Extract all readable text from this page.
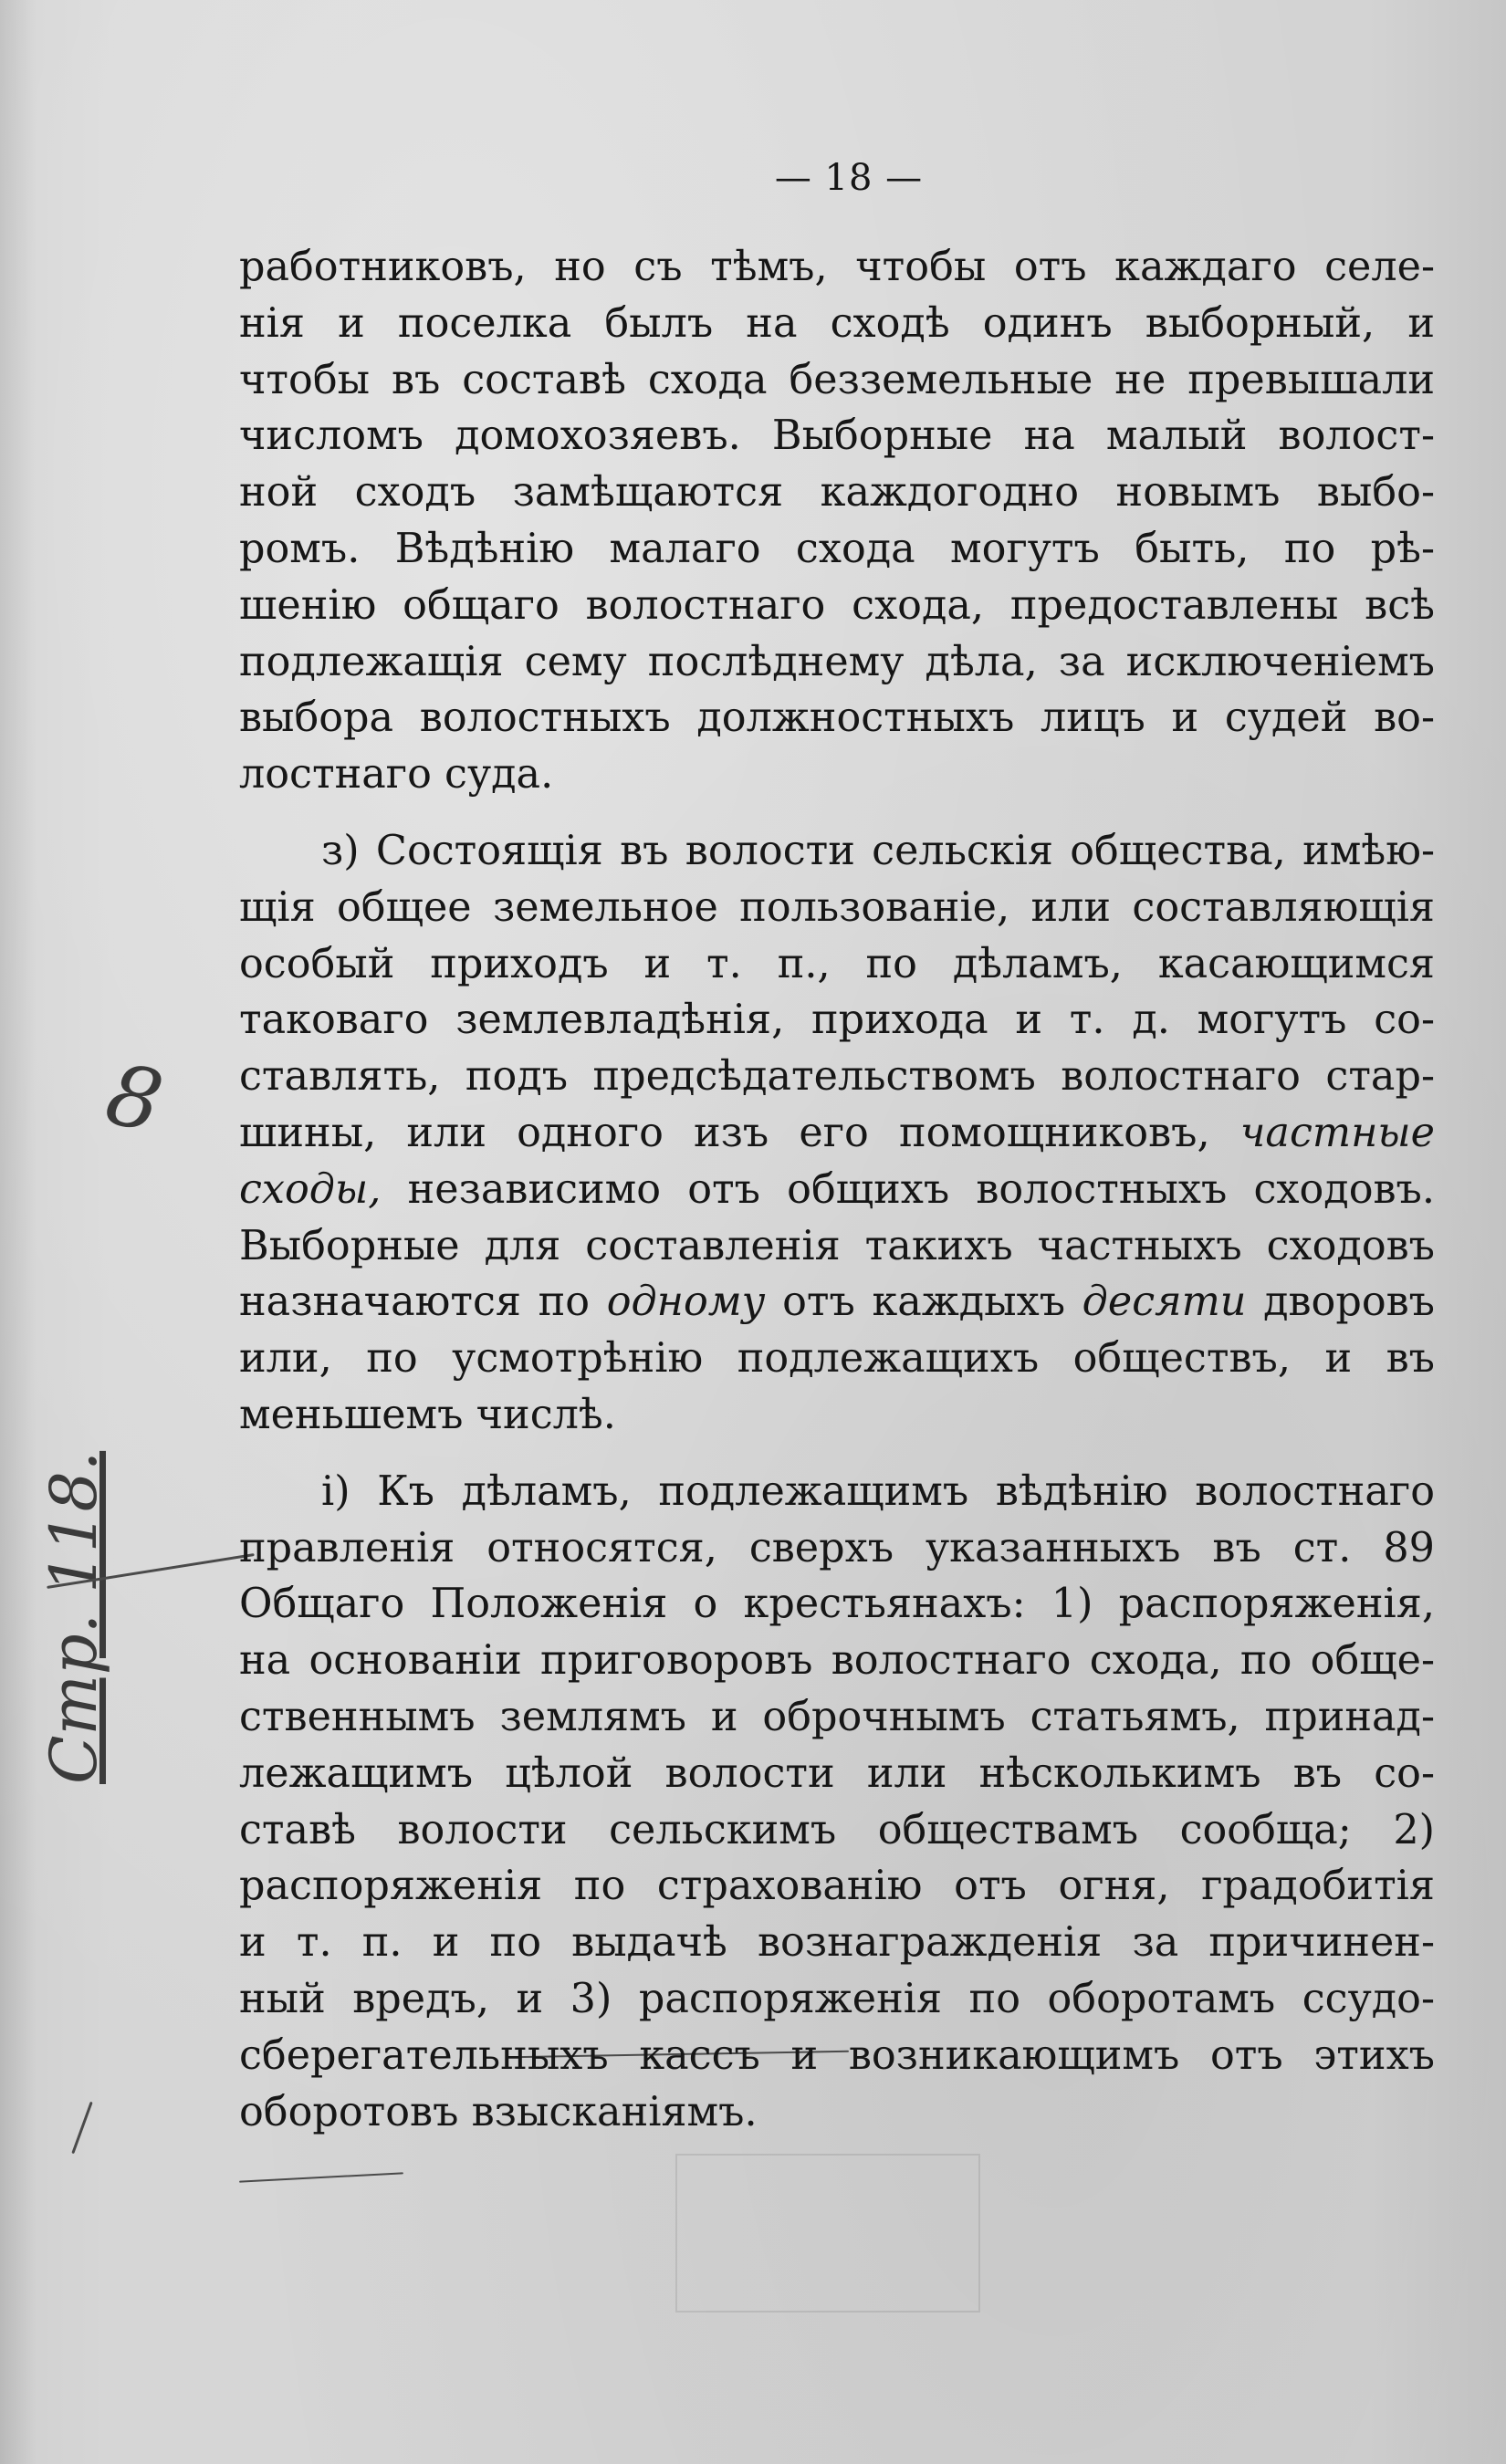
— 18 —
8
Стр. 118.
работниковъ, но съ тѣмъ, чтобы отъ каждаго селе-
нія и поселка былъ на сходѣ одинъ выборный, и
чтобы въ составѣ схода безземельные не превышали
числомъ домохозяевъ. Выборные на малый волост-
ной сходъ замѣщаются каждогодно новымъ выбо-
ромъ. Вѣдѣнію малаго схода могутъ быть, по рѣ-
шенію общаго волостнаго схода, предоставлены всѣ
подлежащія сему послѣднему дѣла, за исключеніемъ
выбора волостныхъ должностныхъ лицъ и судей во-
лостнаго суда.
з) Состоящія въ волости сельскія общества, имѣю-
щія общее земельное пользованіе, или составляющія
особый приходъ и т. п., по дѣламъ, касающимся
таковаго землевладѣнія, прихода и т. д. могутъ со-
ставлять, подъ предсѣдательствомъ волостнаго стар-
шины, или одного изъ его помощниковъ, частные
сходы, независимо отъ общихъ волостныхъ сходовъ.
Выборные для составленія такихъ частныхъ сходовъ
назначаются по одному отъ каждыхъ десяти дворовъ
или, по усмотрѣнію подлежащихъ обществъ, и въ
меньшемъ числѣ.
і) Къ дѣламъ, подлежащимъ вѣдѣнію волостнаго
правленія относятся, сверхъ указанныхъ въ ст. 89
Общаго Положенія о крестьянахъ: 1) распоряженія,
на основаніи приговоровъ волостнаго схода, по обще-
ственнымъ землямъ и оброчнымъ статьямъ, принад-
лежащимъ цѣлой волости или нѣсколькимъ въ со-
ставѣ волости сельскимъ обществамъ сообща; 2)
распоряженія по страхованію отъ огня, градобитія
и т. п. и по выдачѣ вознагражденія за причинен-
ный вредъ, и 3) распоряженія по оборотамъ ссудо-
сберегательныхъ кассъ и возникающимъ отъ этихъ
оборотовъ взысканіямъ.
